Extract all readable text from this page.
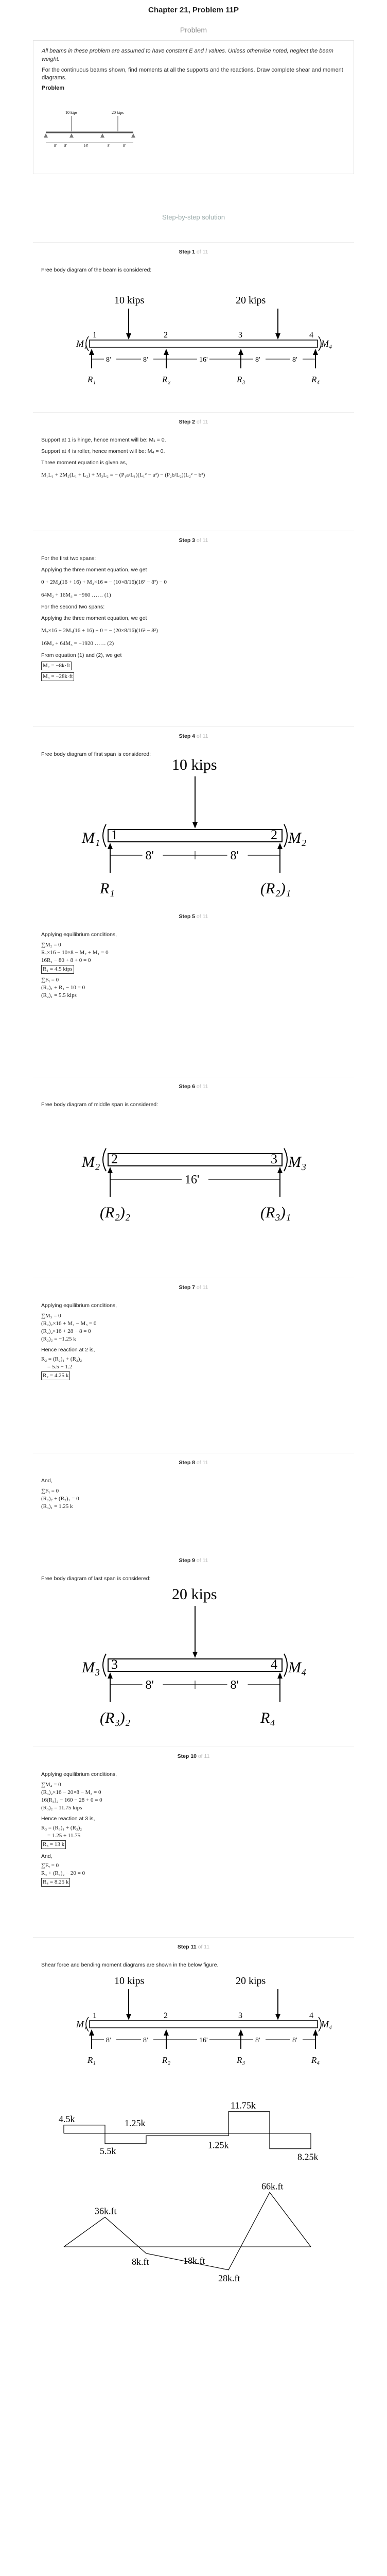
Chapter 21, Problem 11P
Problem
All beams in these problem are assumed to have constant E and I values. Unless otherwise noted, neglect the beam weight.
For the continuous beams shown, find moments at all the supports and the reactions. Draw complete shear and moment diagrams.
Problem
10 kips	20 kips
8' 8'	16'	8'	8'
Step-by-step solution
Step 1 of 11
Free body diagram of the beam is considered:
10 kips	20 kips
1
R₁
2
R₂
3
R₃
4
R₄
M₁	M₄
8'	8'	16'	8'	8'
Step 2 of 11
Support at 1 is hinge, hence moment will be: M₁ = 0.
Support at 4 is roller, hence moment will be: M₄ = 0.
Three moment equation is given as,
M₁L₁ + 2M₂(L₁ + L₂) + M₃L₂ = − (P₁a/L₁)(L₁² − a²) − (P₂b/L₂)(L₂² − b²)
Step 3 of 11
For the first two spans:
Applying the three moment equation, we get
0 + 2M₂(16 + 16) + M₃×16 = − (10×8/16)(16² − 8²) − 0
64M₂ + 16M₃ = −960 …… (1)
For the second two spans:
Applying the three moment equation, we get
M₂×16 + 2M₃(16 + 16) + 0 = − (20×8/16)(16² − 8²)
16M₂ + 64M₃ = −1920 …… (2)
From equation (1) and (2), we get
M₂ = −8k·ft
M₃ = −28k·ft
Step 4 of 11
Free body diagram of first span is considered:
1	2
M₁	M₂
R₁	(R₂)₁
10 kips
8'	8'
Step 5 of 11
Applying equilibrium conditions,
∑M₂ = 0
R₁×16 − 10×8 − M₂ + M₁ = 0
16R₁ − 80 + 8 + 0 = 0
R₁ = 4.5 kips
∑Fᵧ = 0
(R₂)₁ + R₁ − 10 = 0
(R₂)₁ = 5.5 kips
Step 6 of 11
Free body diagram of middle span is considered:
2	3
M₂	M₃
(R₂)₂	(R₃)₁
16'
Step 7 of 11
Applying equilibrium conditions,
∑M₃ = 0
(R₂)₂×16 + M₂ − M₃ = 0
(R₂)₂×16 + 28 − 8 = 0
(R₂)₂ = −1.25 k
Hence reaction at 2 is,
R₂ = (R₂)₁ + (R₂)₂
= 5.5 − 1.2
R₂ = 4.25 k
Step 8 of 11
And,
∑Fᵧ = 0
(R₂)₂ + (R₃)₁ = 0
(R₃)₁ = 1.25 k
Step 9 of 11
Free body diagram of last span is considered:
3	4
M₃	M₄
(R₃)₂	R₄
20 kips
8'	8'
Step 10 of 11
Applying equilibrium conditions,
∑M₄ = 0
(R₃)₂×16 − 20×8 − M₃ = 0
16(R₃)₂ − 160 − 28 + 0 = 0
(R₃)₂ = 11.75 kips
Hence reaction at 3 is,
R₃ = (R₃)₁ + (R₃)₂
= 1.25 + 11.75
R₃ = 13 k
And,
∑Fᵧ = 0
R₄ + (R₃)₂ − 20 = 0
R₄ = 8.25 k
Step 11 of 11
Shear force and bending moment diagrams are shown in the below figure.
10 kips	20 kips
1
R₁
2
R₂
3
R₃
4
R₄
M₁	M₄
8'	8'	16'	8'	8'
4.5k
5.5k
1.25k
1.25k
11.75k
8.25k
36k.ft
8k.ft	18k.ft
28k.ft
66k.ft
